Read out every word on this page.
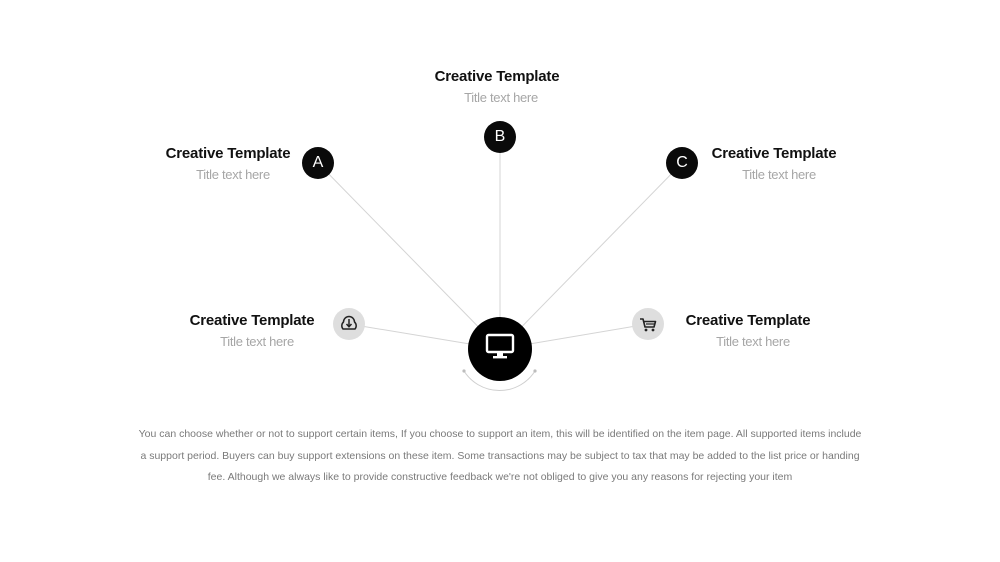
Creative Template
Title text here
B
Creative Template
Title text here
A	C
Creative Template
Title text here
Creative Template
Title text here
Creative Template
Title text here
You can choose whether or not to support certain items, If you choose to support an item, this will be identified on the item page. All supported items include
a support period. Buyers can buy support extensions on these item. Some transactions may be subject to tax that may be added to the list price or handing
fee. Although we always like to provide constructive feedback we're not obliged to give you any reasons for rejecting your item
